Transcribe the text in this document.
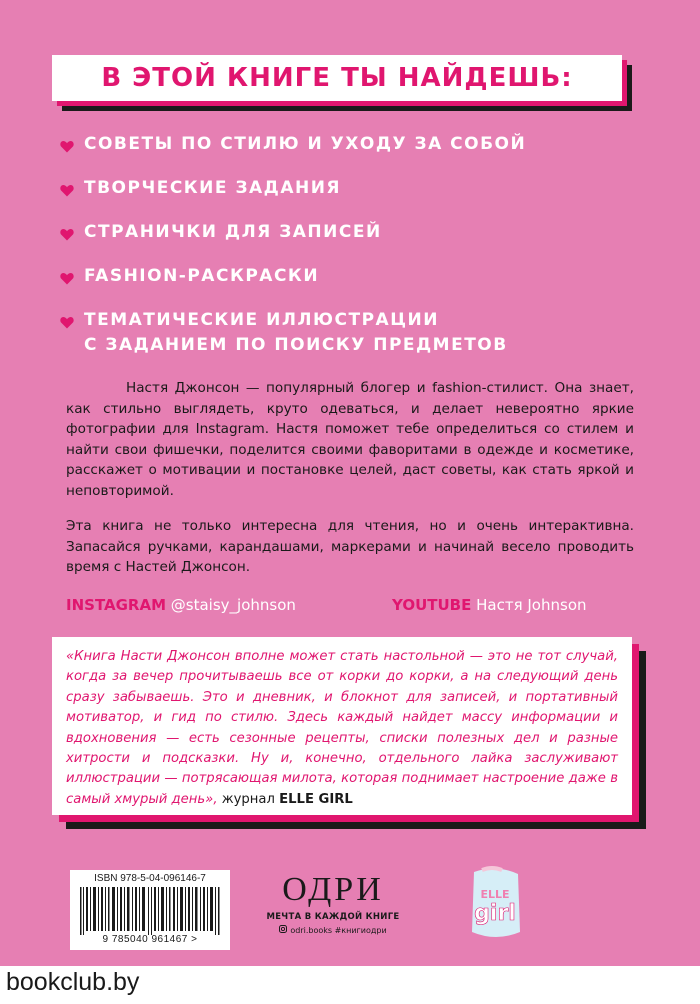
В ЭТОЙ КНИГЕ ТЫ НАЙДЕШЬ:
СОВЕТЫ ПО СТИЛЮ И УХОДУ ЗА СОБОЙ
ТВОРЧЕСКИЕ ЗАДАНИЯ
СТРАНИЧКИ ДЛЯ ЗАПИСЕЙ
FASHION-РАСКРАСКИ
ТЕМАТИЧЕСКИЕ ИЛЛЮСТРАЦИИ
С ЗАДАНИЕМ ПО ПОИСКУ ПРЕДМЕТОВ

Настя Джонсон — популярный блогер и fashion-стилист. Она знает, как стильно выглядеть, круто одеваться, и делает невероятно яркие фотографии для Instagram. Настя поможет тебе определиться со стилем и найти свои фишечки, поделится своими фаворитами в одежде и косметике, расскажет о мотивации и постановке целей, даст советы, как стать яркой и неповторимой.

Эта книга не только интересна для чтения, но и очень интерактивна. Запасайся ручками, карандашами, маркерами и начинай весело проводить время с Настей Джонсон.

INSTAGRAM @staisy_johnson	YOUTUBE Настя Johnson
«Книга Насти Джонсон вполне может стать настольной — это не тот случай, когда за вечер прочитываешь все от корки до корки, а на следующий день сразу забываешь. Это и дневник, и блокнот для записей, и портативный мотиватор, и гид по стилю. Здесь каждый найдет массу информации и вдохновения — есть сезонные рецепты, списки полезных дел и разные хитрости и подсказки. Ну и, конечно, отдельного лайка заслуживают иллюстрации — потрясающая милота, которая поднимает настроение даже в самый хмурый день», журнал ELLE GIRL
ISBN 978-5-04-096146-7
9 785040 961467 >
ОДРИ
МЕЧТА В КАЖДОЙ КНИГЕ
odri.books #книгиодри
ELLE
girl
bookclub.by
